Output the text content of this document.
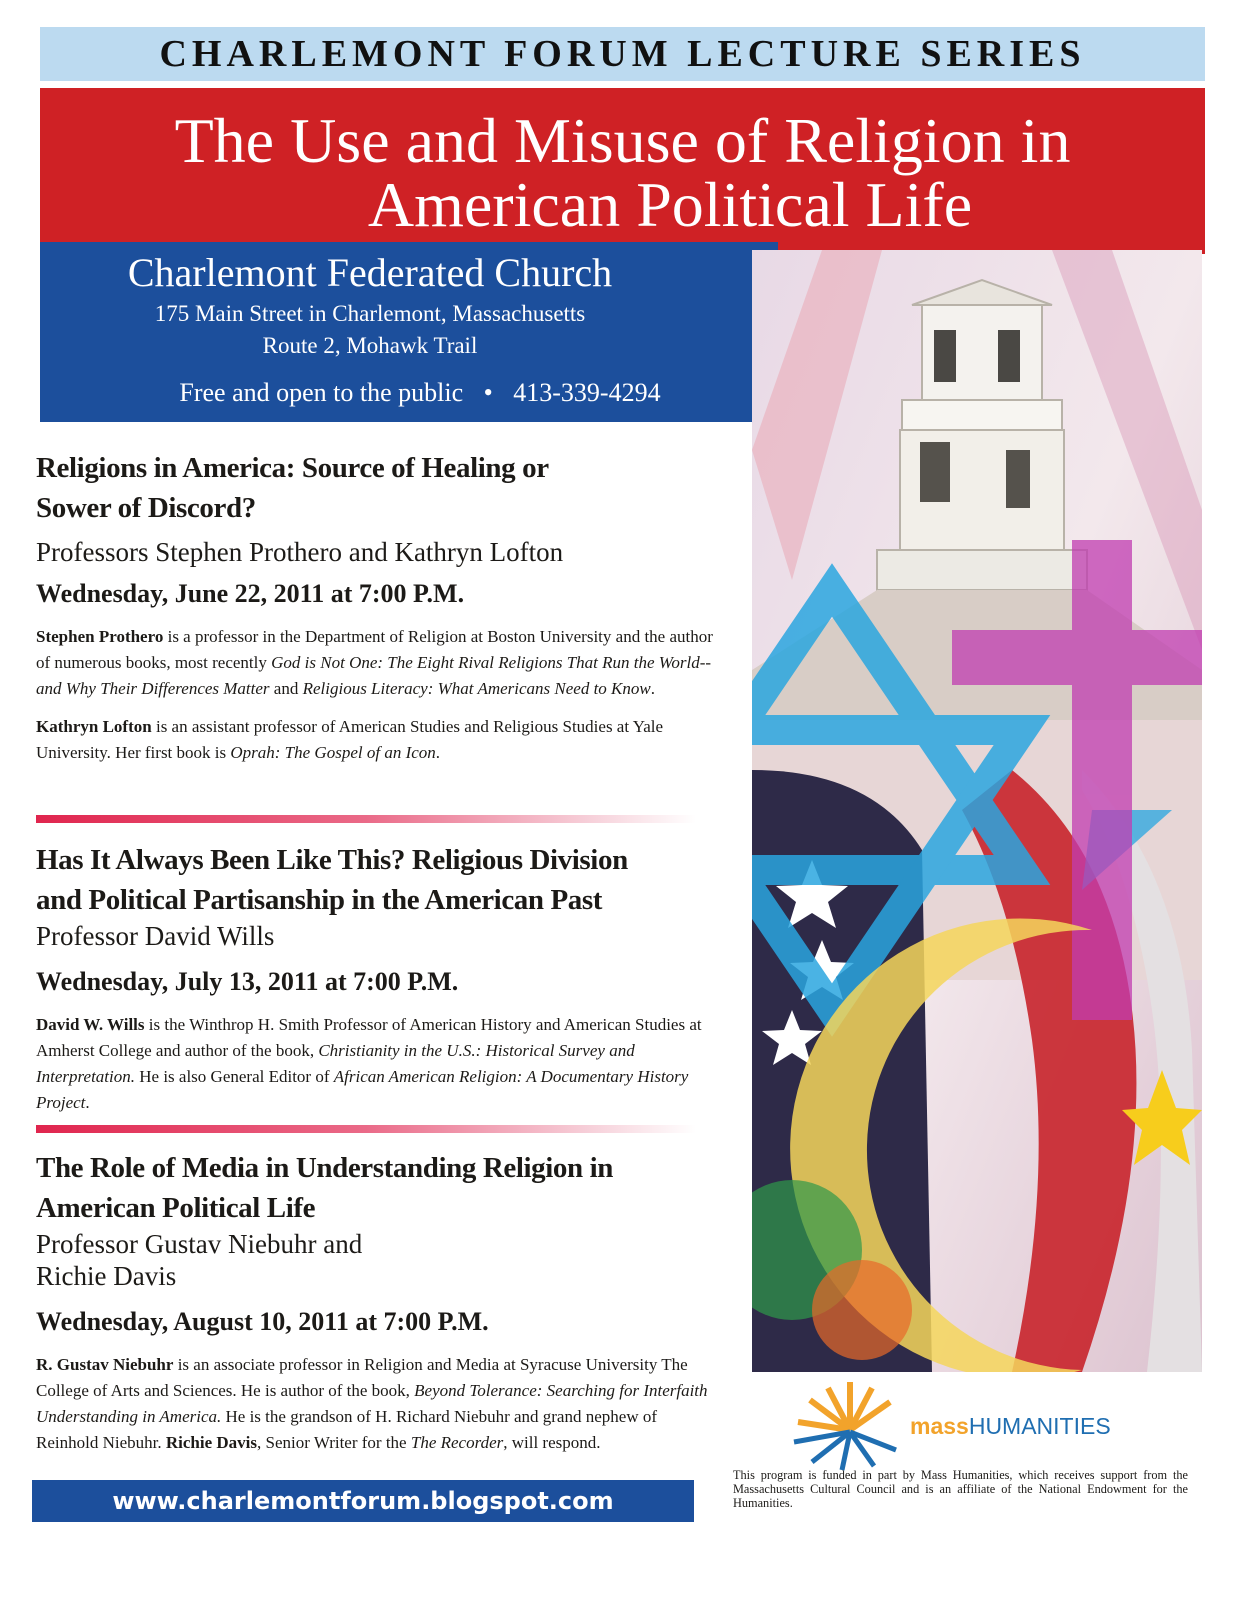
CHARLEMONT FORUM LECTURE SERIES
The Use and Misuse of Religion in
American Political Life
Charlemont Federated Church
175 Main Street in Charlemont, Massachusetts
Route 2, Mohawk Trail
Free and open to the public • 413-339-4294

Religions in America: Source of Healing or
Sower of Discord?

Professors Stephen Prothero and Kathryn Lofton

Wednesday, June 22, 2011 at 7:00 P.M.

Stephen Prothero is a professor in the Department of Religion at Boston University and the author of numerous books, most recently God is Not One: The Eight Rival Religions That Run the World--and Why Their Differences Matter and Religious Literacy: What Americans Need to Know.

Kathryn Lofton is an assistant professor of American Studies and Religious Studies at Yale University. Her first book is Oprah: The Gospel of an Icon.

Has It Always Been Like This? Religious Division
and Political Partisanship in the American Past

Professor David Wills

Wednesday, July 13, 2011 at 7:00 P.M.

David W. Wills is the Winthrop H. Smith Professor of American History and American Studies at Amherst College and author of the book, Christianity in the U.S.: Historical Survey and Interpretation. He is also General Editor of African American Religion: A Documentary History Project.

The Role of Media in Understanding Religion in
American Political Life

Professor Gustav Niebuhr and
Richie Davis

Wednesday, August 10, 2011 at 7:00 P.M.

R. Gustav Niebuhr is an associate professor in Religion and Media at Syracuse University The College of Arts and Sciences. He is author of the book, Beyond Tolerance: Searching for Interfaith Understanding in America. He is the grandson of H. Richard Niebuhr and grand nephew of Reinhold Niebuhr. Richie Davis, Senior Writer for the The Recorder, will respond.

www.charlemontforum.blogspot.com
massHUMANITIES

This program is funded in part by Mass Humanities, which receives support from the Massachusetts Cultural Council and is an affiliate of the National Endowment for the Humanities.
